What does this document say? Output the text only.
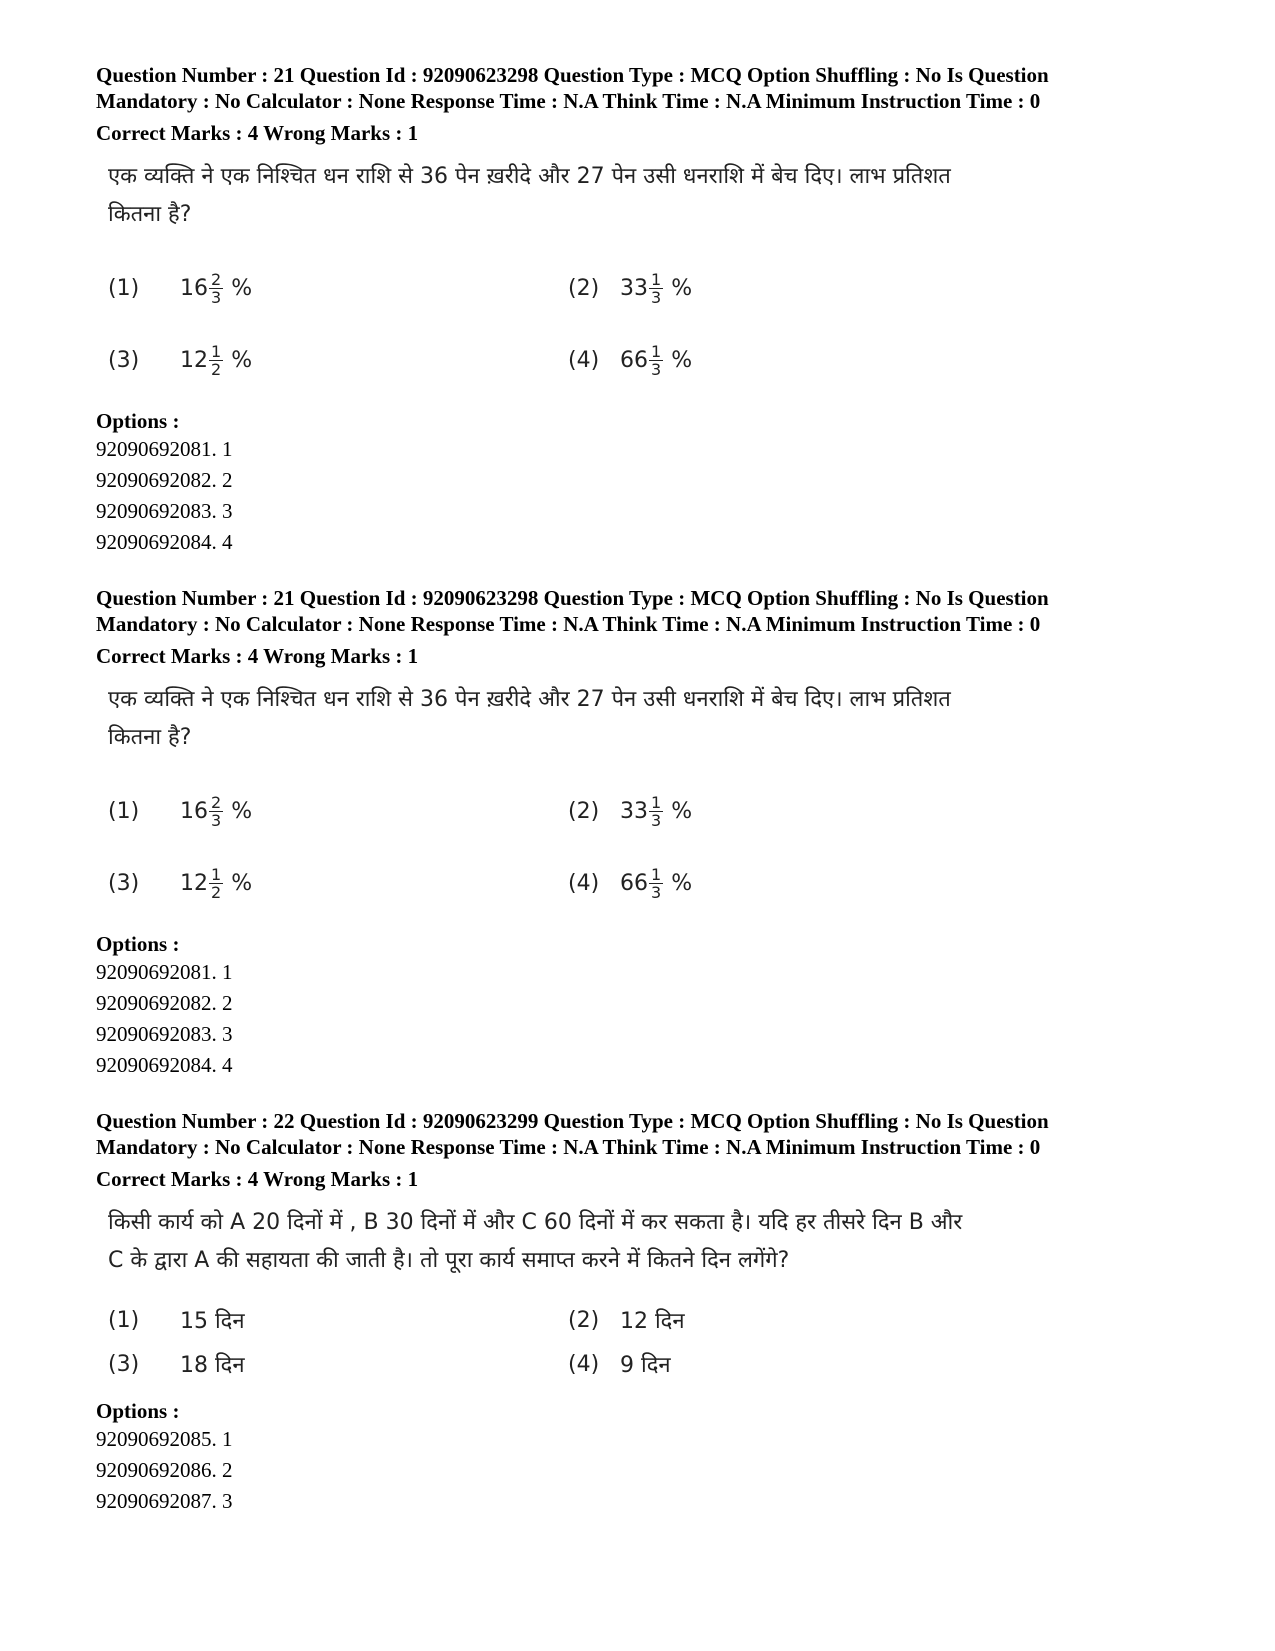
Question Number : 21 Question Id : 92090623298 Question Type : MCQ Option Shuffling : No Is Question
Mandatory : No Calculator : None Response Time : N.A Think Time : N.A Minimum Instruction Time : 0
Correct Marks : 4 Wrong Marks : 1
एक व्यक्ति ने एक निश्चित धन राशि से 36 पेन ख़रीदे और 27 पेन उसी धनराशि में बेच दिए। लाभ प्रतिशत
कितना है?
(1)	$16 \frac{2}{3}$ %	(2) $33 \frac{1}{3}$ %
(3)	$12 \frac{1}{2}$ %	(4) $66 \frac{1}{3}$ %
Options :
92090692081. 1
92090692082. 2
92090692083. 3
92090692084. 4
Question Number : 21 Question Id : 92090623298 Question Type : MCQ Option Shuffling : No Is Question
Mandatory : No Calculator : None Response Time : N.A Think Time : N.A Minimum Instruction Time : 0
Correct Marks : 4 Wrong Marks : 1
एक व्यक्ति ने एक निश्चित धन राशि से 36 पेन ख़रीदे और 27 पेन उसी धनराशि में बेच दिए। लाभ प्रतिशत
कितना है?
(1)	$16 \frac{2}{3}$ %	(2) $33 \frac{1}{3}$ %
(3)	$12 \frac{1}{2}$ %	(4) $66 \frac{1}{3}$ %
Options :
92090692081. 1
92090692082. 2
92090692083. 3
92090692084. 4
Question Number : 22 Question Id : 92090623299 Question Type : MCQ Option Shuffling : No Is Question
Mandatory : No Calculator : None Response Time : N.A Think Time : N.A Minimum Instruction Time : 0
Correct Marks : 4 Wrong Marks : 1
किसी कार्य को A 20 दिनों में , B 30 दिनों में और C 60 दिनों में कर सकता है। यदि हर तीसरे दिन B और
C के द्वारा A की सहायता की जाती है। तो पूरा कार्य समाप्त करने में कितने दिन लगेंगे?
(1)	15 दिन	(2) 12 दिन
(3)	18 दिन	(4) 9 दिन
Options :
92090692085. 1
92090692086. 2
92090692087. 3
